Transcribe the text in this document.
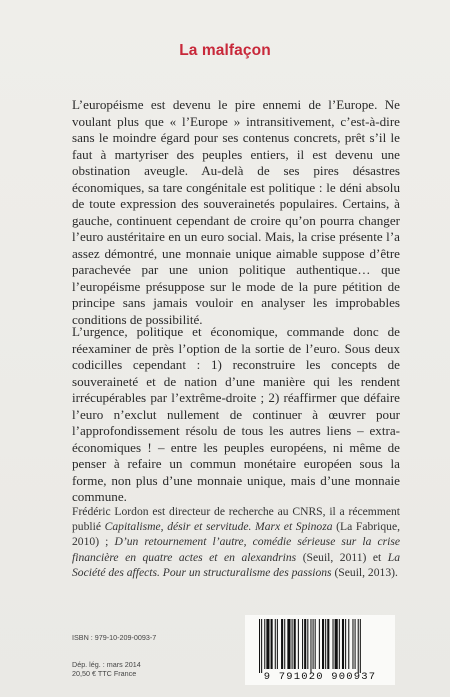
La malfaçon

L’européisme est devenu le pire ennemi de l’Europe. Ne voulant plus que « l’Europe » intransitivement, c’est-à-dire sans le moindre égard pour ses contenus concrets, prêt s’il le faut à martyriser des peuples entiers, il est devenu une obstination aveugle. Au-delà de ses pires désastres économiques, sa tare congénitale est politique : le déni absolu de toute expression des souverainetés populaires. Certains, à gauche, continuent cependant de croire qu’on pourra changer l’euro austéritaire en un euro social. Mais, la crise présente l’a assez démontré, une monnaie unique aimable suppose d’être parachevée par une union politique authentique… que l’européisme présuppose sur le mode de la pure pétition de principe sans jamais vouloir en analyser les improbables conditions de possibilité.

L’urgence, politique et économique, commande donc de réexaminer de près l’option de la sortie de l’euro. Sous deux codicilles cependant : 1) reconstruire les concepts de souveraineté et de nation d’une manière qui les rendent irrécupérables par l’extrême-droite ; 2) réaffirmer que défaire l’euro n’exclut nullement de continuer à œuvrer pour l’approfondissement résolu de tous les autres liens – extra-économiques ! – entre les peuples européens, ni même de penser à refaire un commun monétaire européen sous la forme, non plus d’une monnaie unique, mais d’une monnaie commune.

Frédéric Lordon est directeur de recherche au CNRS, il a récemment publié Capitalisme, désir et servitude. Marx et Spinoza (La Fabrique, 2010) ; D’un retournement l’autre, comédie sérieuse sur la crise financière en quatre actes et en alexandrins (Seuil, 2011) et La Société des affects. Pour un structuralisme des passions (Seuil, 2013).
ISBN : 979-10-209-0093-7
Dép. lég. : mars 2014
20,50 € TTC France	9 791020 900937
